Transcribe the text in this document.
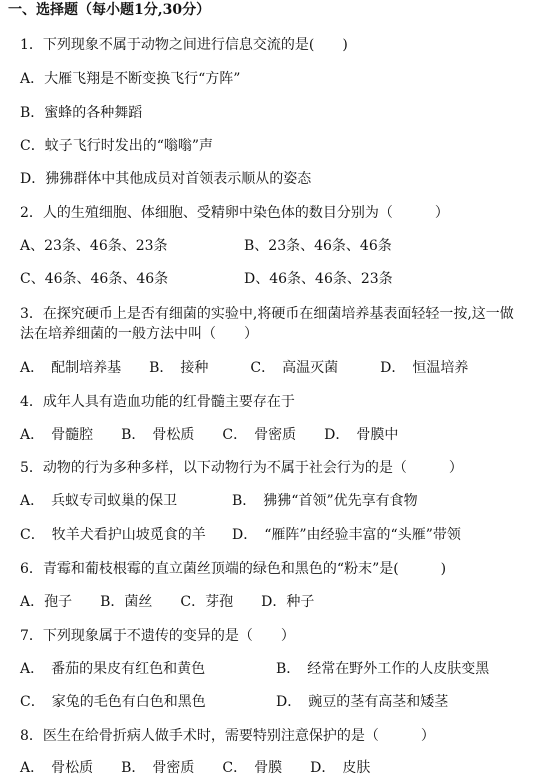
一、选择题（每小题1分,30分）
1．下列现象不属于动物之间进行信息交流的是(　　)
A．大雁飞翔是不断变换飞行“方阵”
B．蜜蜂的各种舞蹈
C．蚊子飞行时发出的“嗡嗡”声
D．狒狒群体中其他成员对首领表示顺从的姿态
2．人的生殖细胞、体细胞、受精卵中染色体的数目分别为（　　　）
A、23条、46条、23条	B、23条、46条、46条
C、46条、46条、46条	D、46条、46条、23条
3．在探究硬币上是否有细菌的实验中,将硬币在细菌培养基表面轻轻一按,这一做
法在培养细菌的一般方法中叫（　　）
A．　配制培养基　　B．　接种　　　C．　高温灭菌　　　D．　恒温培养
4．成年人具有造血功能的红骨髓主要存在于
A．　骨髓腔　　B．　骨松质　　C．　骨密质　　D．　骨膜中
5．动物的行为多种多样，以下动物行为不属于社会行为的是（　　　）
A．　兵蚁专司蚁巢的保卫	B．　狒狒“首领”优先享有食物
C．　牧羊犬看护山坡觅食的羊 D．　“雁阵”由经验丰富的“头雁”带领
6．青霉和葡枝根霉的直立菌丝顶端的绿色和黑色的“粉末”是(　　　)
A．孢子　　B．菌丝　　C．芽孢　　D．种子
7．下列现象属于不遗传的变异的是（　　）
A．　番茄的果皮有红色和黄色	B．　经常在野外工作的人皮肤变黑
C．　家兔的毛色有白色和黑色	D．　豌豆的茎有高茎和矮茎
8．医生在给骨折病人做手术时，需要特别注意保护的是（　　　）
A．　骨松质　　B．　骨密质　　C．　骨膜　　D．　皮肤
